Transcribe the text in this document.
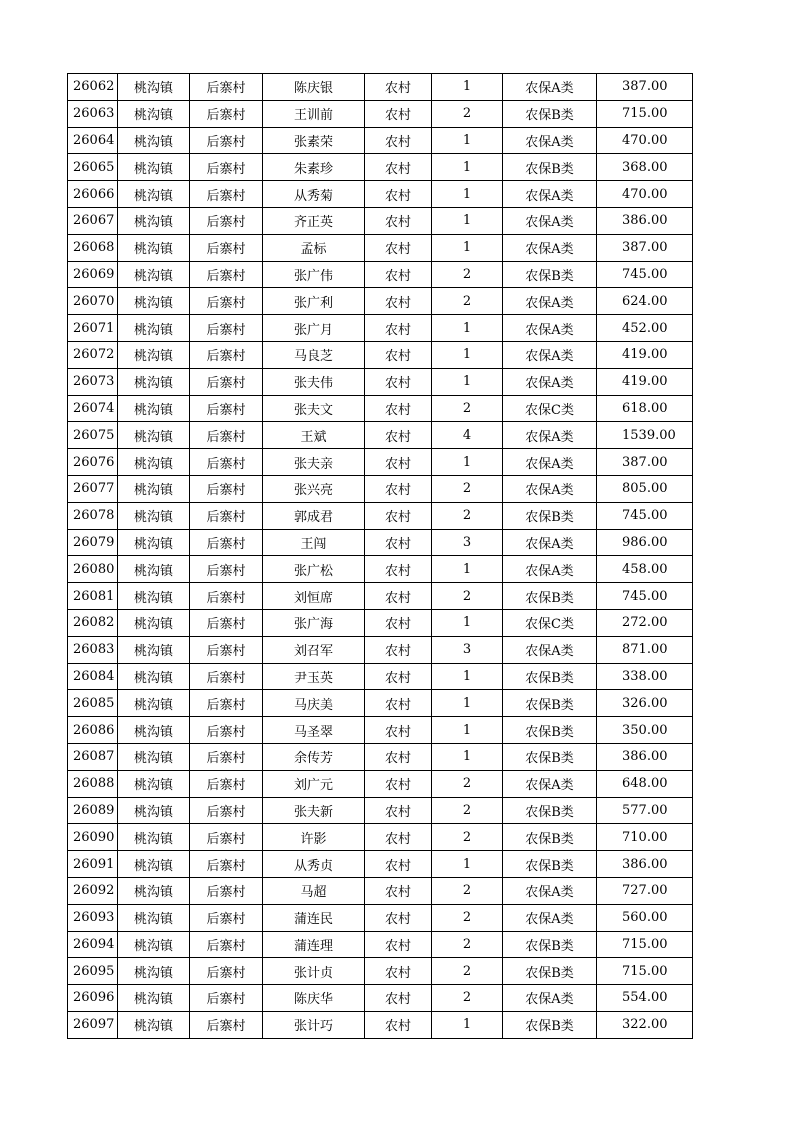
26062	桃沟镇	后寨村	陈庆银	农村	1	农保A类	387.00
26063	桃沟镇	后寨村	王训前	农村	2	农保B类	715.00
26064	桃沟镇	后寨村	张素荣	农村	1	农保A类	470.00
26065	桃沟镇	后寨村	朱素珍	农村	1	农保B类	368.00
26066	桃沟镇	后寨村	从秀菊	农村	1	农保A类	470.00
26067	桃沟镇	后寨村	齐正英	农村	1	农保A类	386.00
26068	桃沟镇	后寨村	孟标	农村	1	农保A类	387.00
26069	桃沟镇	后寨村	张广伟	农村	2	农保B类	745.00
26070	桃沟镇	后寨村	张广利	农村	2	农保A类	624.00
26071	桃沟镇	后寨村	张广月	农村	1	农保A类	452.00
26072	桃沟镇	后寨村	马良芝	农村	1	农保A类	419.00
26073	桃沟镇	后寨村	张夫伟	农村	1	农保A类	419.00
26074	桃沟镇	后寨村	张夫文	农村	2	农保C类	618.00
26075	桃沟镇	后寨村	王斌	农村	4	农保A类	1539.00
26076	桃沟镇	后寨村	张夫亲	农村	1	农保A类	387.00
26077	桃沟镇	后寨村	张兴亮	农村	2	农保A类	805.00
26078	桃沟镇	后寨村	郭成君	农村	2	农保B类	745.00
26079	桃沟镇	后寨村	王闯	农村	3	农保A类	986.00
26080	桃沟镇	后寨村	张广松	农村	1	农保A类	458.00
26081	桃沟镇	后寨村	刘恒席	农村	2	农保B类	745.00
26082	桃沟镇	后寨村	张广海	农村	1	农保C类	272.00
26083	桃沟镇	后寨村	刘召军	农村	3	农保A类	871.00
26084	桃沟镇	后寨村	尹玉英	农村	1	农保B类	338.00
26085	桃沟镇	后寨村	马庆美	农村	1	农保B类	326.00
26086	桃沟镇	后寨村	马圣翠	农村	1	农保B类	350.00
26087	桃沟镇	后寨村	余传芳	农村	1	农保B类	386.00
26088	桃沟镇	后寨村	刘广元	农村	2	农保A类	648.00
26089	桃沟镇	后寨村	张夫新	农村	2	农保B类	577.00
26090	桃沟镇	后寨村	许影	农村	2	农保B类	710.00
26091	桃沟镇	后寨村	从秀贞	农村	1	农保B类	386.00
26092	桃沟镇	后寨村	马超	农村	2	农保A类	727.00
26093	桃沟镇	后寨村	蒲连民	农村	2	农保A类	560.00
26094	桃沟镇	后寨村	蒲连理	农村	2	农保B类	715.00
26095	桃沟镇	后寨村	张计贞	农村	2	农保B类	715.00
26096	桃沟镇	后寨村	陈庆华	农村	2	农保A类	554.00
26097	桃沟镇	后寨村	张计巧	农村	1	农保B类	322.00
